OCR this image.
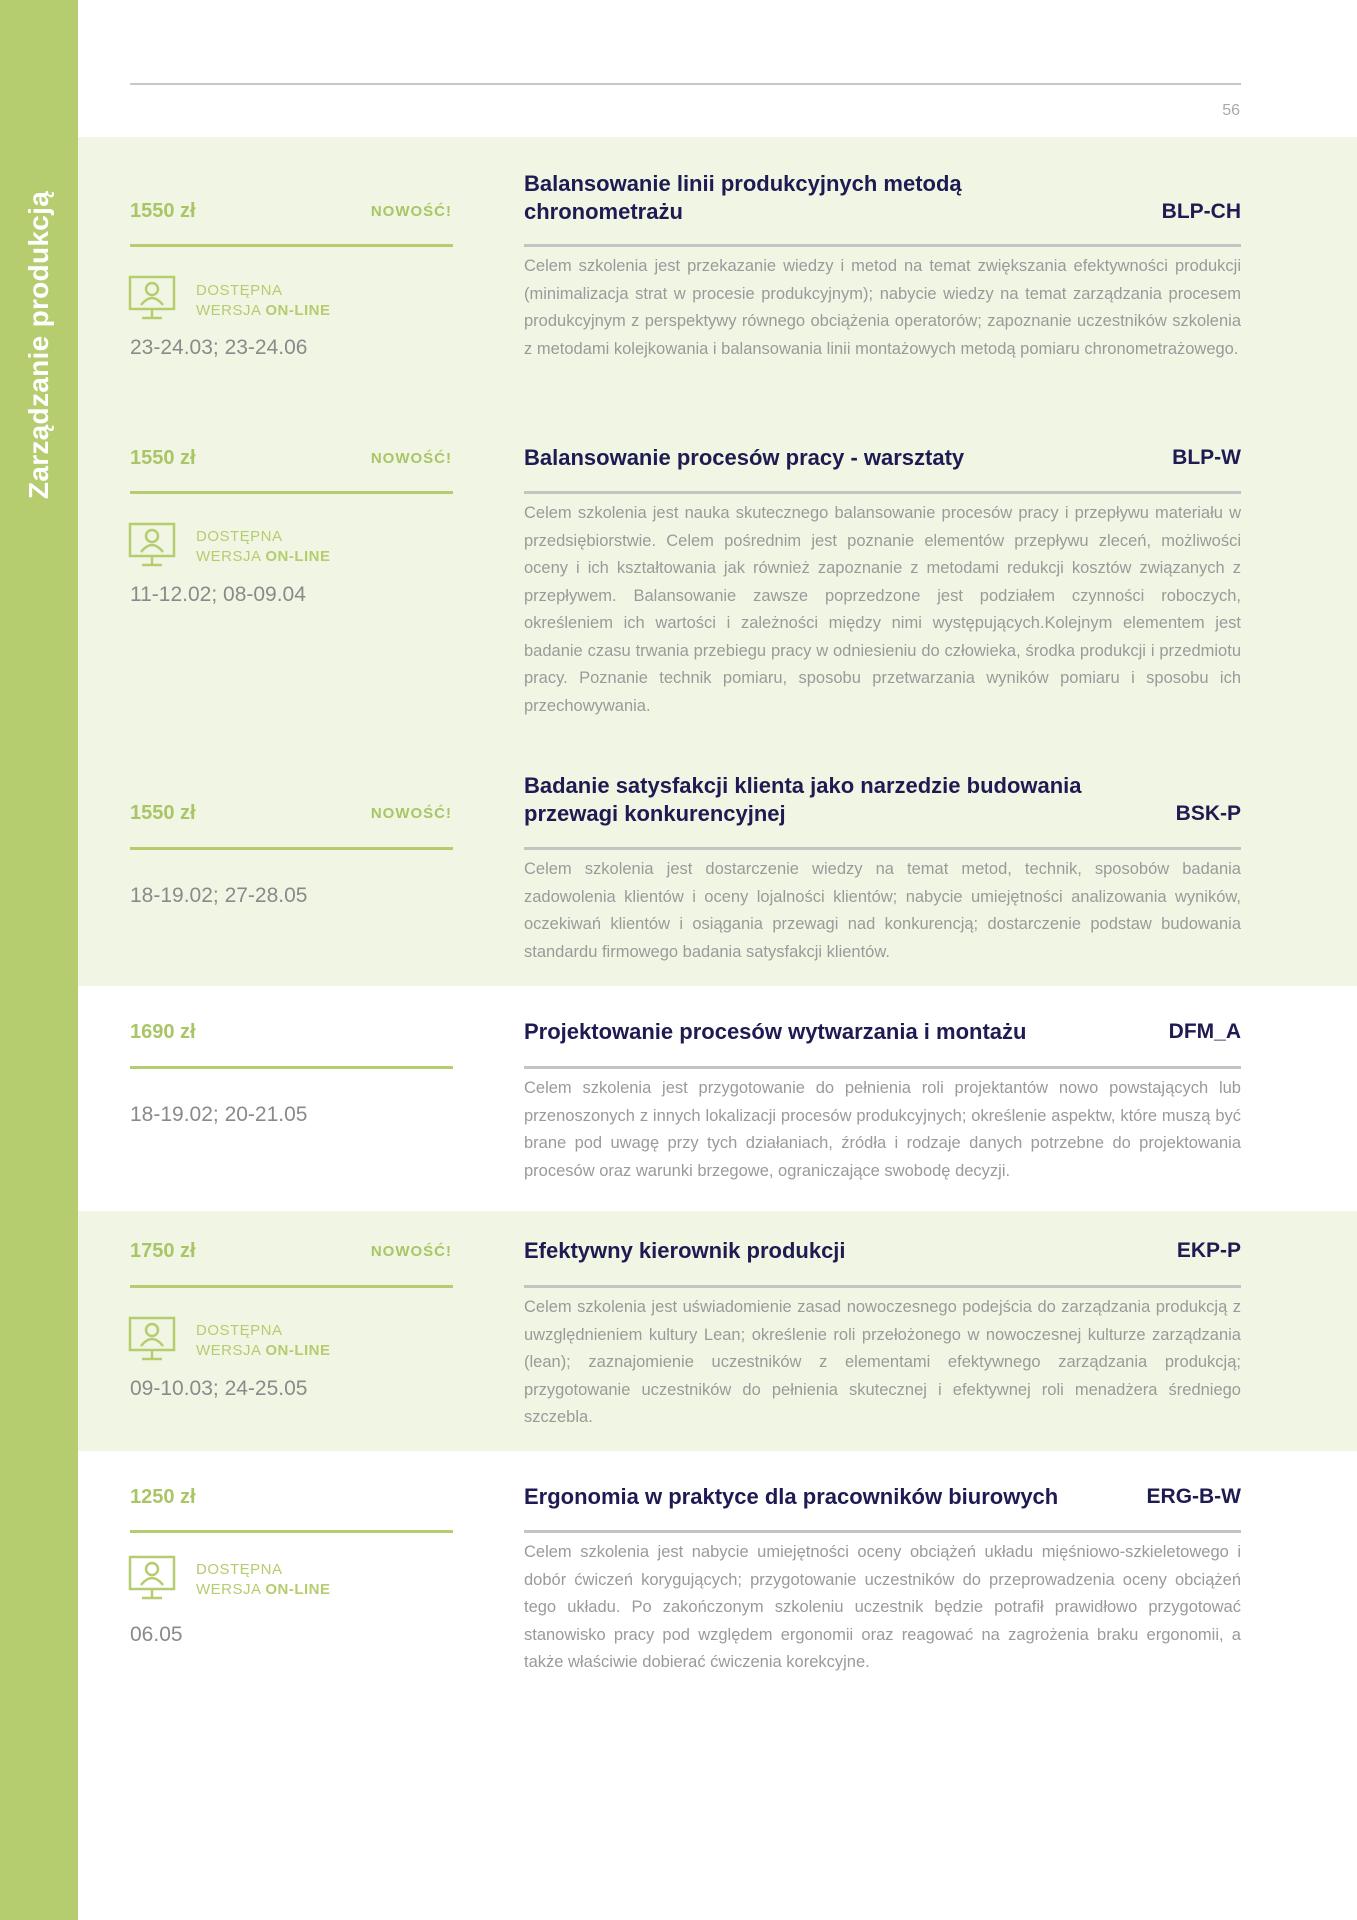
Zarządzanie produkcją
56
1550 zł	NOWOŚĆ!
DOSTĘPNA
WERSJA ON-LINE
23-24.03; 23-24.06
Balansowanie linii produkcyjnych metodą chronometrażu	BLP-CH

Celem szkolenia jest przekazanie wiedzy i metod na temat zwiększania efektywności produkcji (minimalizacja strat w procesie produkcyjnym); nabycie wiedzy na temat zarządzania procesem produkcyjnym z perspektywy równego obciążenia operatorów; zapoznanie uczestników szkolenia z metodami kolejkowania i balansowania linii montażowych metodą pomiaru chronometrażowego.

1550 zł	NOWOŚĆ!
DOSTĘPNA
WERSJA ON-LINE
11-12.02; 08-09.04
Balansowanie procesów pracy - warsztaty	BLP-W

Celem szkolenia jest nauka skutecznego balansowanie procesów pracy i przepływu materiału w przedsiębiorstwie. Celem pośrednim jest poznanie elementów przepływu zleceń, możliwości oceny i ich kształtowania jak również zapoznanie z metodami redukcji kosztów związanych z przepływem. Balansowanie zawsze poprzedzone jest podziałem czynności roboczych, określeniem ich wartości i zależności między nimi występujących.Kolejnym elementem jest badanie czasu trwania przebiegu pracy w odniesieniu do człowieka, środka produkcji i przedmiotu pracy. Poznanie technik pomiaru, sposobu przetwarzania wyników pomiaru i sposobu ich przechowywania.

1550 zł	NOWOŚĆ!
18-19.02; 27-28.05
Badanie satysfakcji klienta jako narzedzie budowania przewagi konkurencyjnej	BSK-P

Celem szkolenia jest dostarczenie wiedzy na temat metod, technik, sposobów badania zadowolenia klientów i oceny lojalności klientów; nabycie umiejętności analizowania wyników, oczekiwań klientów i osiągania przewagi nad konkurencją; dostarczenie podstaw budowania standardu firmowego badania satysfakcji klientów.

1690 zł
18-19.02; 20-21.05
Projektowanie procesów wytwarzania i montażu	DFM_A

Celem szkolenia jest przygotowanie do pełnienia roli projektantów nowo powstających lub przenoszonych z innych lokalizacji procesów produkcyjnych; określenie aspektw, które muszą być brane pod uwagę przy tych działaniach, źródła i rodzaje danych potrzebne do projektowania procesów oraz warunki brzegowe, ograniczające swobodę decyzji.

1750 zł	NOWOŚĆ!
DOSTĘPNA
WERSJA ON-LINE
09-10.03; 24-25.05
Efektywny kierownik produkcji	EKP-P

Celem szkolenia jest uświadomienie zasad nowoczesnego podejścia do zarządzania produkcją z uwzględnieniem kultury Lean; określenie roli przełożonego w nowoczesnej kulturze zarządzania (lean); zaznajomienie uczestników z elementami efektywnego zarządzania produkcją; przygotowanie uczestników do pełnienia skutecznej i efektywnej roli menadżera średniego szczebla.

1250 zł
DOSTĘPNA
WERSJA ON-LINE
06.05
Ergonomia w praktyce dla pracowników biurowych	ERG-B-W

Celem szkolenia jest nabycie umiejętności oceny obciążeń układu mięśniowo-szkieletowego i dobór ćwiczeń korygujących; przygotowanie uczestników do przeprowadzenia oceny obciążeń tego układu. Po zakończonym szkoleniu uczestnik będzie potrafił prawidłowo przygotować stanowisko pracy pod względem ergonomii oraz reagować na zagrożenia braku ergonomii, a także właściwie dobierać ćwiczenia korekcyjne.
